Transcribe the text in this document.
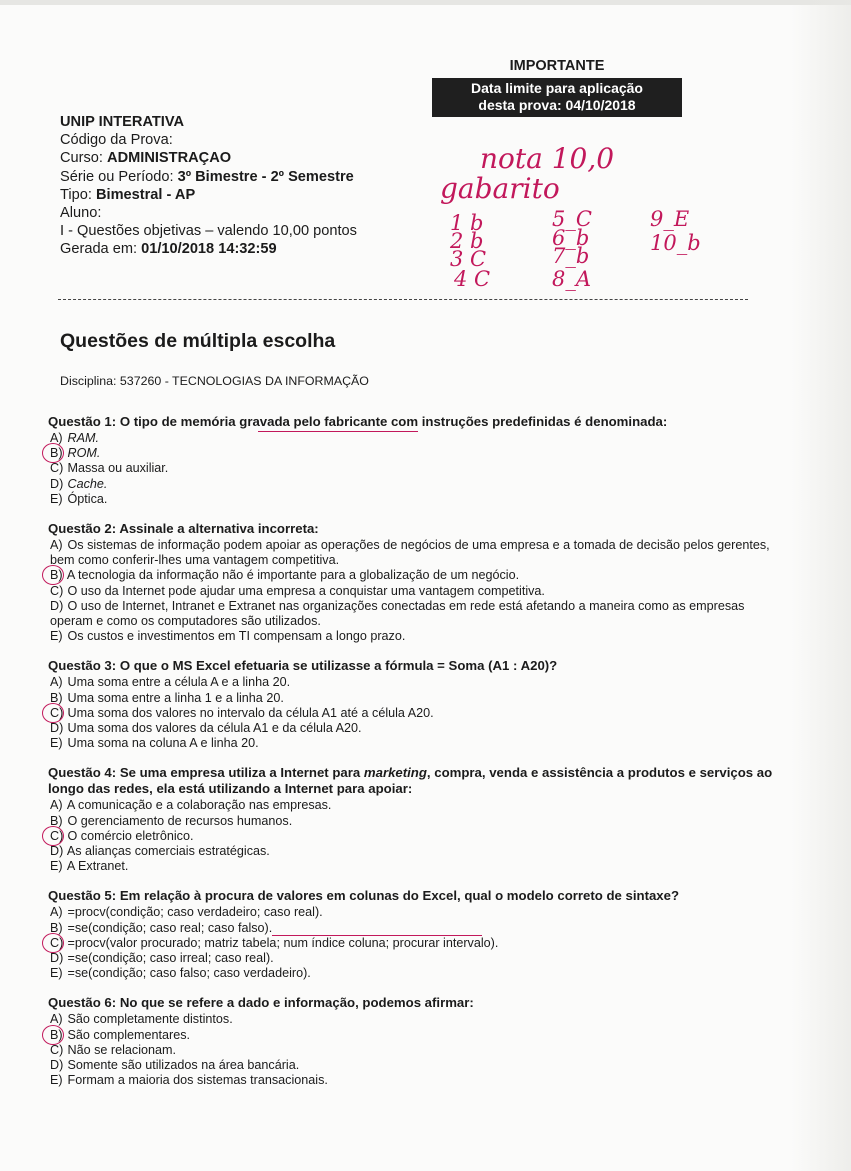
IMPORTANTE
Data limite para aplicação
desta prova: 04/10/2018
UNIP INTERATIVA
Código da Prova:
Curso: ADMINISTRAÇAO
Série ou Período: 3º Bimestre - 2º Semestre
Tipo: Bimestral - AP
Aluno:
I - Questões objetivas – valendo 10,00 pontos
Gerada em: 01/10/2018 14:32:59
nota 10,0
gabarito
1 b
2 b
3 C
4 C
5_C
6_b
7_b
8_A
9_E
10_b
Questões de múltipla escolha
Disciplina: 537260 - TECNOLOGIAS DA INFORMAÇÃO
Questão 1: O tipo de memória gravada pelo fabricante com instruções predefinidas é denominada:
A) RAM.
B) ROM.
C) Massa ou auxiliar.
D) Cache.
E) Óptica.
Questão 2: Assinale a alternativa incorreta:
A) Os sistemas de informação podem apoiar as operações de negócios de uma empresa e a tomada de decisão pelos gerentes, bem como conferir-lhes uma vantagem competitiva.
B) A tecnologia da informação não é importante para a globalização de um negócio.
C) O uso da Internet pode ajudar uma empresa a conquistar uma vantagem competitiva.
D) O uso de Internet, Intranet e Extranet nas organizações conectadas em rede está afetando a maneira como as empresas operam e como os computadores são utilizados.
E) Os custos e investimentos em TI compensam a longo prazo.
Questão 3: O que o MS Excel efetuaria se utilizasse a fórmula = Soma (A1 : A20)?
A) Uma soma entre a célula A e a linha 20.
B) Uma soma entre a linha 1 e a linha 20.
C) Uma soma dos valores no intervalo da célula A1 até a célula A20.
D) Uma soma dos valores da célula A1 e da célula A20.
E) Uma soma na coluna A e linha 20.
Questão 4: Se uma empresa utiliza a Internet para marketing, compra, venda e assistência a produtos e serviços ao longo das redes, ela está utilizando a Internet para apoiar:
A) A comunicação e a colaboração nas empresas.
B) O gerenciamento de recursos humanos.
C) O comércio eletrônico.
D) As alianças comerciais estratégicas.
E) A Extranet.
Questão 5: Em relação à procura de valores em colunas do Excel, qual o modelo correto de sintaxe?
A) =procv(condição; caso verdadeiro; caso real).
B) =se(condição; caso real; caso falso).
C) =procv(valor procurado; matriz tabela; num índice coluna; procurar intervalo).
D) =se(condição; caso irreal; caso real).
E) =se(condição; caso falso; caso verdadeiro).
Questão 6: No que se refere a dado e informação, podemos afirmar:
A) São completamente distintos.
B) São complementares.
C) Não se relacionam.
D) Somente são utilizados na área bancária.
E) Formam a maioria dos sistemas transacionais.
